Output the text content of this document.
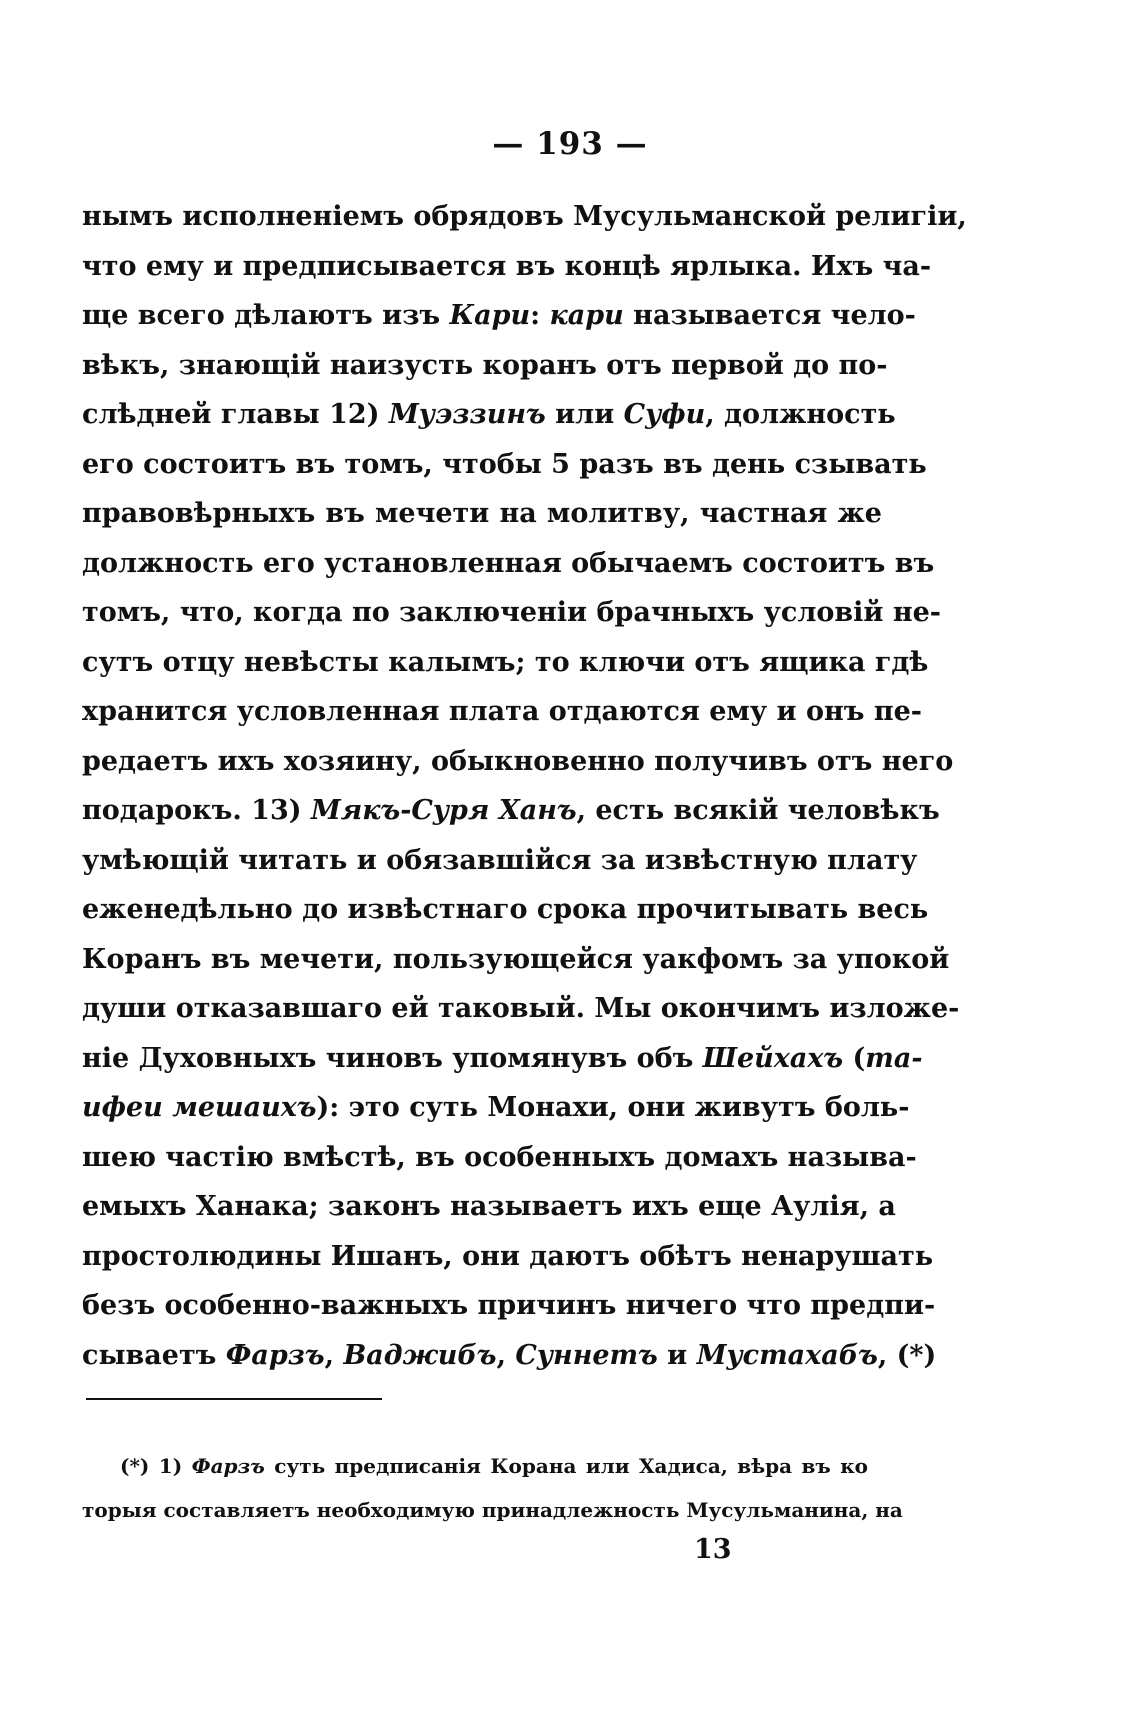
— 193 —
нымъ исполненіемъ обрядовъ Мусульманской религіи,
что ему и предписывается въ концѣ ярлыка. Ихъ ча-
ще всего дѣлаютъ изъ Кари: кари называется чело-
вѣкъ, знающій наизусть коранъ отъ первой до по-
слѣдней главы 12) Муэззинъ или Суфи, должность
его состоитъ въ томъ, чтобы 5 разъ въ день сзывать
правовѣрныхъ въ мечети на молитву, частная же
должность его установленная обычаемъ состоитъ въ
томъ, что, когда по заключеніи брачныхъ условій не-
сутъ отцу невѣсты калымъ; то ключи отъ ящика гдѣ
хранится условленная плата отдаются ему и онъ пе-
редаетъ ихъ хозяину, обыкновенно получивъ отъ него
подарокъ. 13) Мякъ-Суря Ханъ, есть всякій человѣкъ
умѣющій читать и обязавшійся за извѣстную плату
еженедѣльно до извѣстнаго срока прочитывать весь
Коранъ въ мечети, пользующейся уакфомъ за упокой
души отказавшаго ей таковый. Мы окончимъ изложе-
ніе Духовныхъ чиновъ упомянувъ объ Шейхахъ (та-
ифеи мешаихъ): это суть Монахи, они живутъ боль-
шею частію вмѣстѣ, въ особенныхъ домахъ называ-
емыхъ Ханака; законъ называетъ ихъ еще Аулія, а
простолюдины Ишанъ, они даютъ обѣтъ ненарушать
безъ особенно-важныхъ причинъ ничего что предпи-
сываетъ Фарзъ, Ваджибъ, Суннетъ и Мустахабъ, (*)
(*) 1) Фарзъ суть предписанія Корана или Хадиса, вѣра въ ко
торыя составляетъ необходимую принадлежность Мусульманина, на
13
